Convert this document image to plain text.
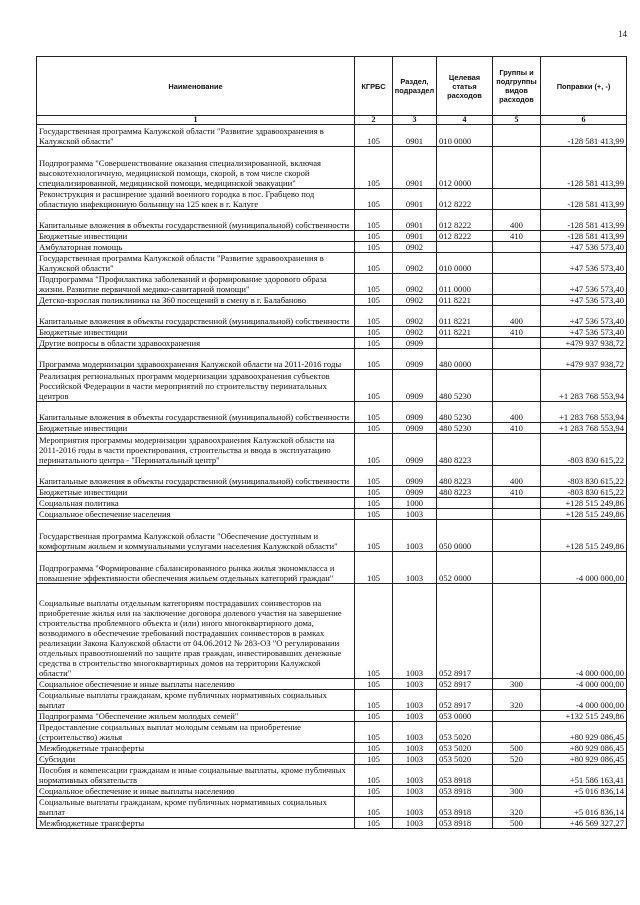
14
Наименование	КГРБС	Раздел, подраздел	Целевая статья расходов	Группы и подгруппы видов расходов	Поправки (+, -)
1	2	3	4	5	6
Государственная программа Калужской области "Развитие здравоохранения в Калужской области"	105	0901	010 0000		-128 581 413,99
Подпрограмма "Совершенствование оказания специализированной, включая высокотехнологичную, медицинской помощи, скорой, в том числе скорой специализированной, медицинской помощи, медицинской эвакуации"	105	0901	012 0000		-128 581 413,99
Реконструкция и расширение зданий военного городка в пос. Грабцево под областную инфекционную больницу на 125 коек в г. Калуге	105	0901	012 8222		-128 581 413,99
Капитальные вложения в объекты государственной (муниципальной) собственности	105	0901	012 8222	400	-128 581 413,99
Бюджетные инвестиции	105	0901	012 8222	410	-128 581 413,99
Амбулаторная помощь	105	0902			+47 536 573,40
Государственная программа Калужской области "Развитие здравоохранения в Калужской области"	105	0902	010 0000		+47 536 573,40
Подпрограмма "Профилактика заболеваний и формирование здорового образа жизни. Развитие первичной медико-санитарной помощи"	105	0902	011 0000		+47 536 573,40
Детско-взрослая поликлиника на 360 посещений в смену в г. Балабаново	105	0902	011 8221		+47 536 573,40
Капитальные вложения в объекты государственной (муниципальной) собственности	105	0902	011 8221	400	+47 536 573,40
Бюджетные инвестиции	105	0902	011 8221	410	+47 536 573,40
Другие вопросы в области здравоохранения	105	0909			+479 937 938,72
Программа модернизации здравоохранения Калужской области на 2011-2016 годы	105	0909	480 0000		+479 937 938,72
Реализация региональных программ модернизации здравоохранения субъектов Российской Федерации в части мероприятий по строительству перинатальных центров	105	0909	480 5230		+1 283 768 553,94
Капитальные вложения в объекты государственной (муниципальной) собственности	105	0909	480 5230	400	+1 283 768 553,94
Бюджетные инвестиции	105	0909	480 5230	410	+1 283 768 553,94
Мероприятия программы модернизации здравоохранения Калужской области на 2011-2016 годы в части проектирования, строительства и ввода в эксплуатацию перинатального центра - "Перинатальный центр"	105	0909	480 8223		-803 830 615,22
Капитальные вложения в объекты государственной (муниципальной) собственности	105	0909	480 8223	400	-803 830 615,22
Бюджетные инвестиции	105	0909	480 8223	410	-803 830 615,22
Социальная политика	105	1000			+128 515 249,86
Социальное обеспечение населения	105	1003			+128 515 249,86
Государственная программа Калужской области "Обеспечение доступным и комфортным жильем и коммунальными услугами населения Калужской области"	105	1003	050 0000		+128 515 249,86
Подпрограмма "Формирование сбалансированного рынка жилья экономкласса и повышение эффективности обеспечения жильем отдельных категорий граждан"	105	1003	052 0000		-4 000 000,00
Социальные выплаты отдельным категориям пострадавших соинвесторов на приобретение жилья или на заключение договора долевого участия на завершение строительства проблемного объекта и (или) иного многоквартирного дома, возводимого в обеспечение требований пострадавших соинвесторов в рамках реализации Закона Калужской области от 04.06.2012 № 283-ОЗ "О регулировании отдельных правоотношений по защите прав граждан, инвестировавших денежные средства в строительство многоквартирных домов на территории Калужской области"	105	1003	052 8917		-4 000 000,00
Социальное обеспечение и иные выплаты населению	105	1003	052 8917	300	-4 000 000,00
Социальные выплаты гражданам, кроме публичных нормативных социальных выплат	105	1003	052 8917	320	-4 000 000,00
Подпрограмма "Обеспечение жильем молодых семей"	105	1003	053 0000		+132 515 249,86
Предоставление социальных выплат молодым семьям на приобретение (строительство) жилья	105	1003	053 5020		+80 929 086,45
Межбюджетные трансферты	105	1003	053 5020	500	+80 929 086,45
Субсидии	105	1003	053 5020	520	+80 929 086,45
Пособия и компенсации гражданам и иные социальные выплаты, кроме публичных нормативных обязательств	105	1003	053 8918		+51 586 163,41
Социальное обеспечение и иные выплаты населению	105	1003	053 8918	300	+5 016 836,14
Социальные выплаты гражданам, кроме публичных нормативных социальных выплат	105	1003	053 8918	320	+5 016 836,14
Межбюджетные трансферты	105	1003	053 8918	500	+46 569 327,27
